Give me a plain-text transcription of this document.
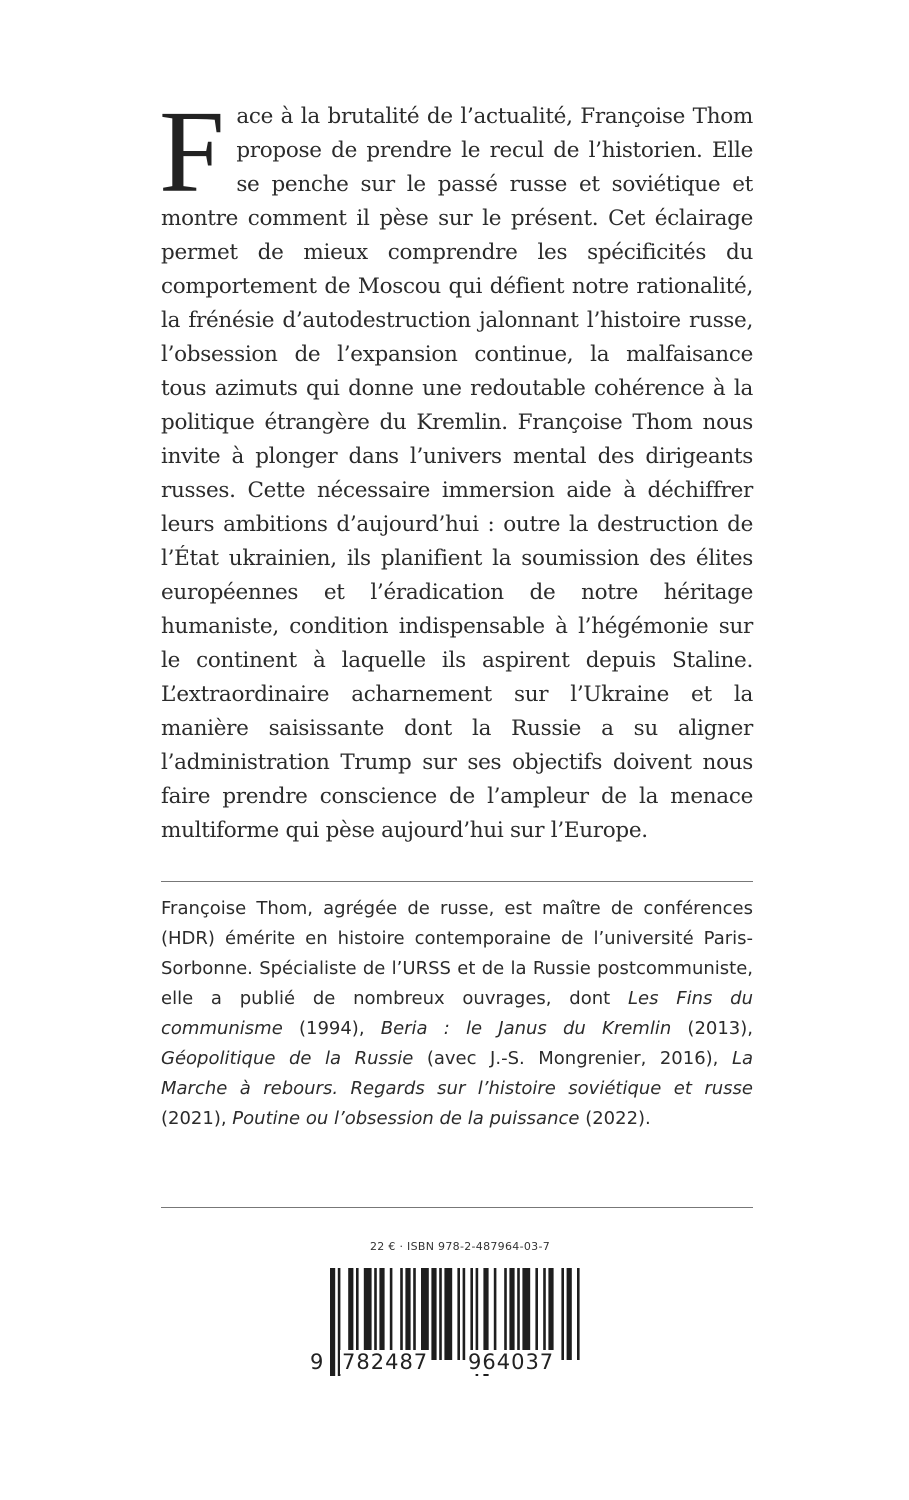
Face à la brutalité de l’actualité, Françoise Thom propose de prendre le recul de l’historien. Elle se penche sur le passé russe et soviétique et montre comment il pèse sur le présent. Cet éclairage permet de mieux comprendre les spécificités du comportement de Moscou qui défient notre rationalité, la frénésie d’autodestruction jalonnant l’histoire russe, l’obsession de l’expansion continue, la malfaisance tous azimuts qui donne une redoutable cohérence à la politique étrangère du Kremlin. Françoise Thom nous invite à plonger dans l’univers mental des dirigeants russes. Cette nécessaire immersion aide à déchiffrer leurs ambitions d’aujourd’hui : outre la destruction de l’État ukrainien, ils planifient la soumission des élites européennes et l’éradication de notre héritage humaniste, condition indispensable à l’hégémonie sur le continent à laquelle ils aspirent depuis Staline. L’extraordinaire acharnement sur l’Ukraine et la manière saisissante dont la Russie a su aligner l’administration Trump sur ses objectifs doivent nous faire prendre conscience de l’ampleur de la menace multiforme qui pèse aujourd’hui sur l’Europe.

Françoise Thom, agrégée de russe, est maître de conférences (HDR) émérite en histoire contemporaine de l’université Paris-Sorbonne. Spécialiste de l’URSS et de la Russie postcommuniste, elle a publié de nombreux ouvrages, dont Les Fins du communisme (1994), Beria : le Janus du Kremlin (2013), Géopolitique de la Russie (avec J.-S. Mongrenier, 2016), La Marche à rebours. Regards sur l’histoire soviétique et russe (2021), Poutine ou l’obsession de la puissance (2022).

22 € · ISBN 978-2-487964-03-7
9 782487 964037
